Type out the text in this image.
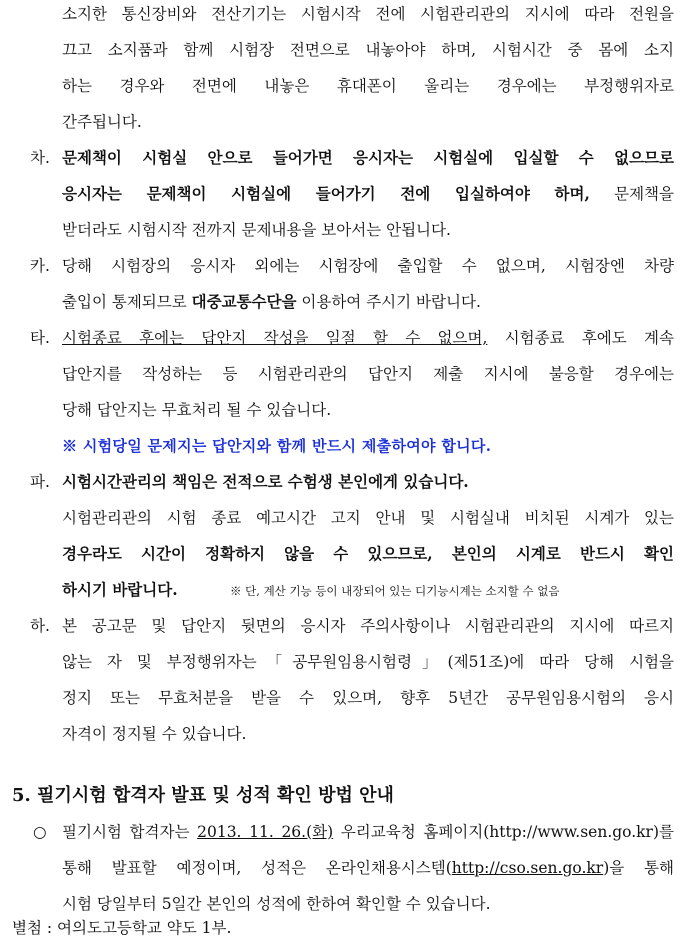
소지한 통신장비와 전산기기는 시험시작 전에 시험관리관의 지시에 따라 전원을
끄고 소지품과 함께 시험장 전면으로 내놓아야 하며, 시험시간 중 몸에 소지
하는 경우와 전면에 내놓은 휴대폰이 울리는 경우에는 부정행위자로
간주됩니다.
차. 문제책이 시험실 안으로 들어가면 응시자는 시험실에 입실할 수 없으므로
응시자는 문제책이 시험실에 들어가기 전에 입실하여야 하며, 문제책을
받더라도 시험시작 전까지 문제내용을 보아서는 안됩니다.
카. 당해 시험장의 응시자 외에는 시험장에 출입할 수 없으며, 시험장엔 차량
출입이 통제되므로 대중교통수단을 이용하여 주시기 바랍니다.
타. 시험종료 후에는 답안지 작성을 일절 할 수 없으며, 시험종료 후에도 계속
답안지를 작성하는 등 시험관리관의 답안지 제출 지시에 불응할 경우에는
당해 답안지는 무효처리 될 수 있습니다.
※ 시험당일 문제지는 답안지와 함께 반드시 제출하여야 합니다.
파. 시험시간관리의 책임은 전적으로 수험생 본인에게 있습니다.
시험관리관의 시험 종료 예고시간 고지 안내 및 시험실내 비치된 시계가 있는
경우라도 시간이 정확하지 않을 수 있으므로, 본인의 시계로 반드시 확인
하시기 바랍니다.	※ 단, 계산 기능 등이 내장되어 있는 디기능시계는 소지할 수 없음
하. 본 공고문 및 답안지 뒷면의 응시자 주의사항이나 시험관리관의 지시에 따르지
않는 자 및 부정행위자는「공무원임용시험령」(제51조)에 따라 당해 시험을
정지 또는 무효처분을 받을 수 있으며, 향후 5년간 공무원임용시험의 응시
자격이 정지될 수 있습니다.
5. 필기시험 합격자 발표 및 성적 확인 방법 안내
○ 필기시험 합격자는 2013. 11. 26.(화) 우리교육청 홈페이지(http://www.sen.go.kr)를
통해 발표할 예정이며, 성적은 온라인채용시스템(http://cso.sen.go.kr)을 통해
시험 당일부터 5일간 본인의 성적에 한하여 확인할 수 있습니다.
별첨 : 여의도고등학교 약도 1부.
